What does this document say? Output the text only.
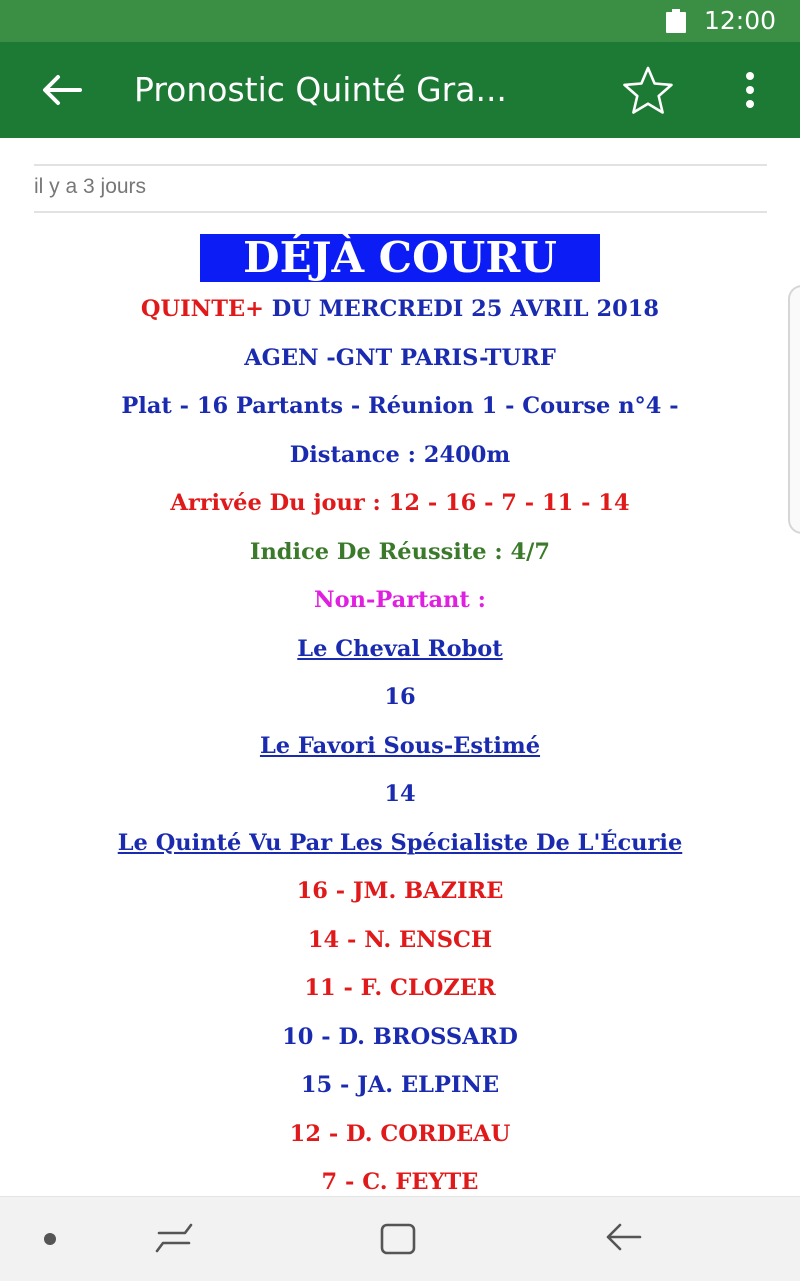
12:00
Pronostic Quinté Gra...
il y a 3 jours
DÉJÀ COURU
QUINTE+ DU MERCREDI 25 AVRIL 2018
AGEN -GNT PARIS-TURF
Plat - 16 Partants - Réunion 1 - Course n°4 -
Distance : 2400m
Arrivée Du jour : 12 - 16 - 7 - 11 - 14
Indice De Réussite : 4/7
Non-Partant :
Le Cheval Robot
16
Le Favori Sous-Estimé
14
Le Quinté Vu Par Les Spécialiste De L'Écurie
16 - JM. BAZIRE
14 - N. ENSCH
11 - F. CLOZER
10 - D. BROSSARD
15 - JA. ELPINE
12 - D. CORDEAU
7 - C. FEYTE
